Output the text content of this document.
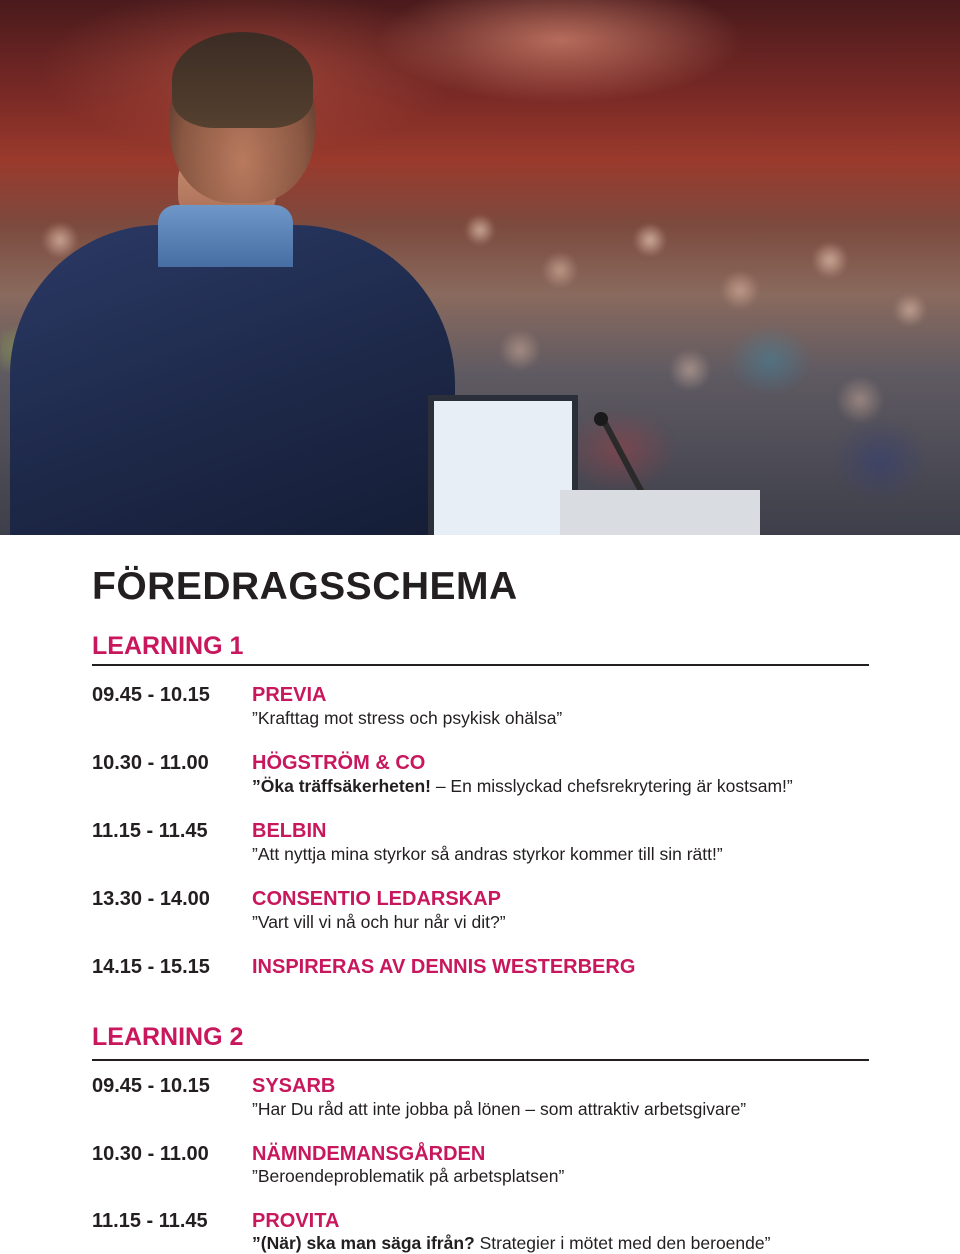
FÖREDRAGSSCHEMA
LEARNING 1
09.45 - 10.15 PREVIA
”Krafttag mot stress och psykisk ohälsa”
10.30 - 11.00 HÖGSTRÖM & CO
”Öka träffsäkerheten! – En misslyckad chefsrekrytering är kostsam!”
11.15 - 11.45 BELBIN
”Att nyttja mina styrkor så andras styrkor kommer till sin rätt!”
13.30 - 14.00 CONSENTIO LEDARSKAP
”Vart vill vi nå och hur når vi dit?”
14.15 - 15.15 INSPIRERAS AV DENNIS WESTERBERG
LEARNING 2
09.45 - 10.15 SYSARB
”Har Du råd att inte jobba på lönen – som attraktiv arbetsgivare”
10.30 - 11.00 NÄMNDEMANSGÅRDEN
”Beroendeproblematik på arbetsplatsen”
11.15 - 11.45 PROVITA
”(När) ska man säga ifrån? Strategier i mötet med den beroende”
